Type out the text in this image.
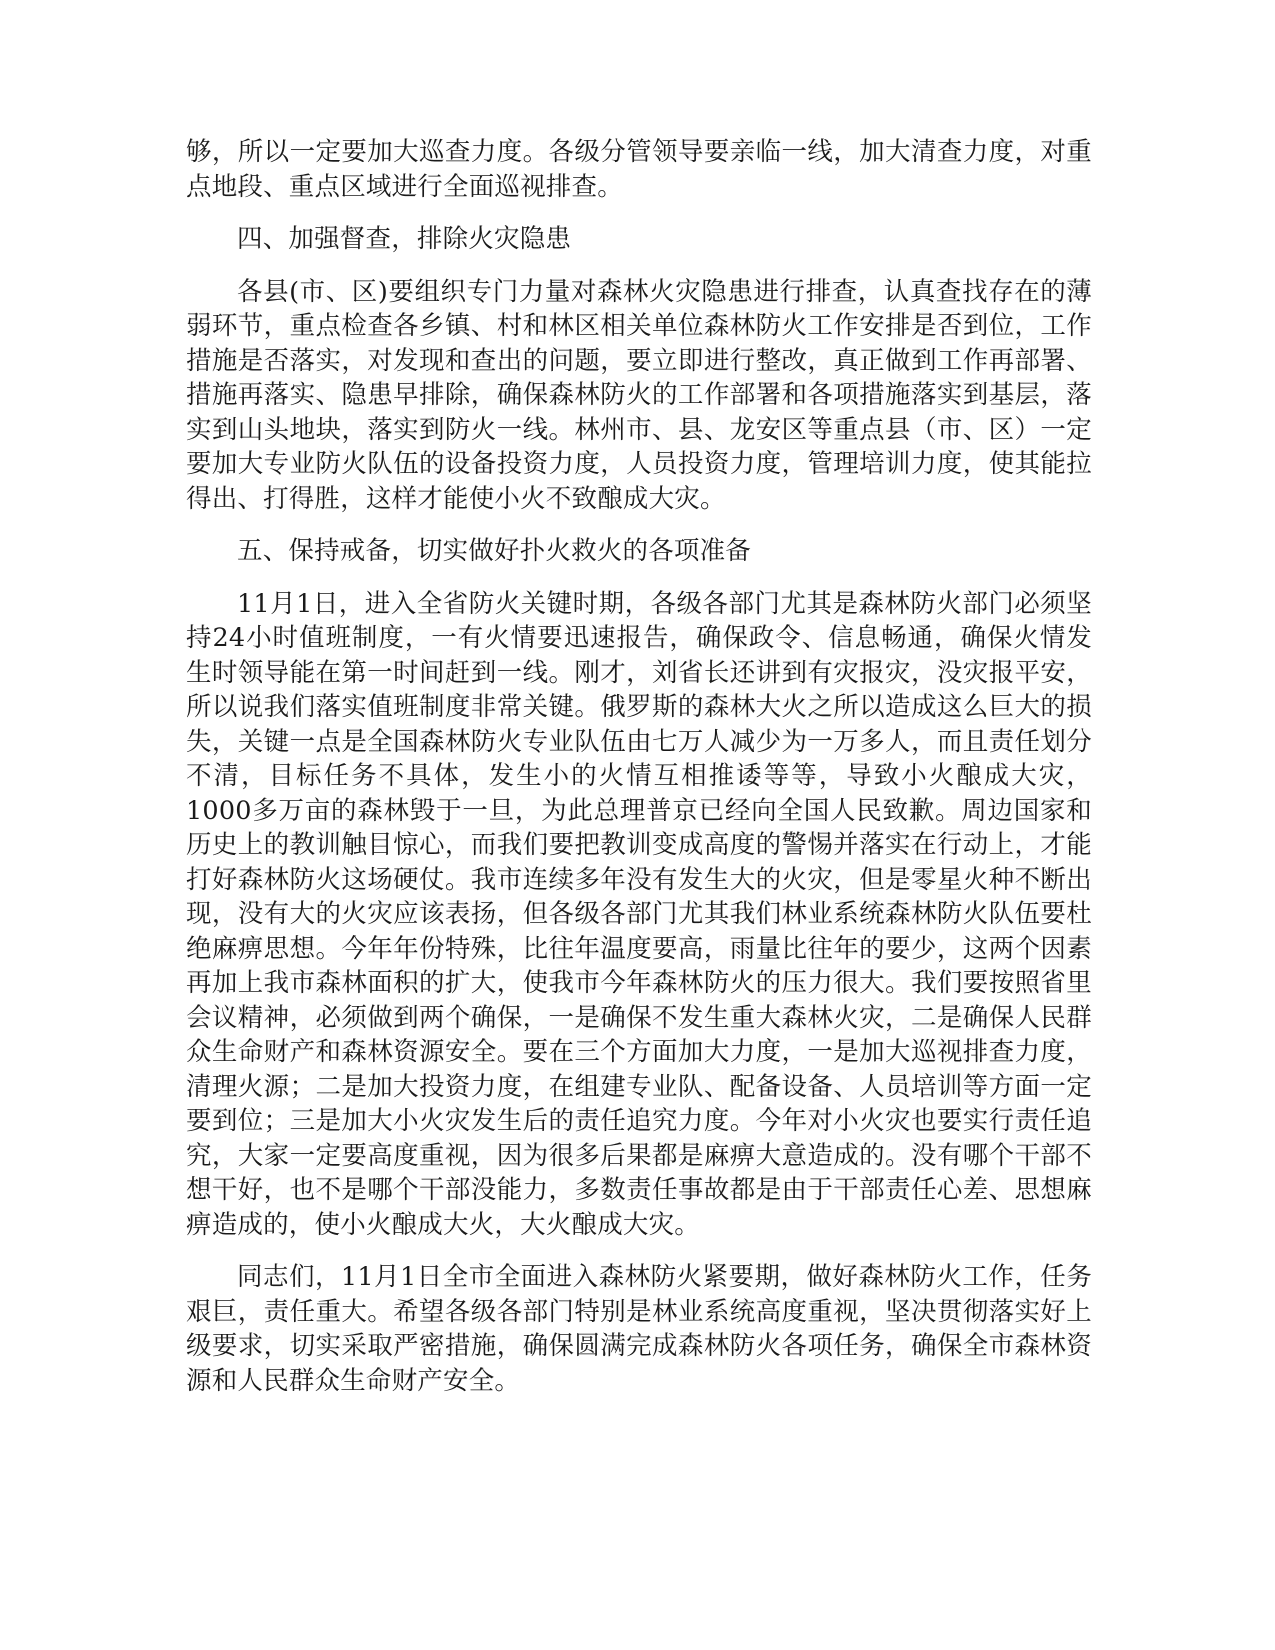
够，所以一定要加大巡查力度。各级分管领导要亲临一线，加大清查力度，对重点地段、重点区域进行全面巡视排查。

四、加强督查，排除火灾隐患

各县(市、区)要组织专门力量对森林火灾隐患进行排查，认真查找存在的薄弱环节，重点检查各乡镇、村和林区相关单位森林防火工作安排是否到位，工作措施是否落实，对发现和查出的问题，要立即进行整改，真正做到工作再部署、措施再落实、隐患早排除，确保森林防火的工作部署和各项措施落实到基层，落实到山头地块，落实到防火一线。林州市、县、龙安区等重点县（市、区）一定要加大专业防火队伍的设备投资力度，人员投资力度，管理培训力度，使其能拉得出、打得胜，这样才能使小火不致酿成大灾。

五、保持戒备，切实做好扑火救火的各项准备

11月1日，进入全省防火关键时期，各级各部门尤其是森林防火部门必须坚持24小时值班制度，一有火情要迅速报告，确保政令、信息畅通，确保火情发生时领导能在第一时间赶到一线。刚才，刘省长还讲到有灾报灾，没灾报平安，所以说我们落实值班制度非常关键。俄罗斯的森林大火之所以造成这么巨大的损失，关键一点是全国森林防火专业队伍由七万人减少为一万多人，而且责任划分不清，目标任务不具体，发生小的火情互相推诿等等，导致小火酿成大灾，1000多万亩的森林毁于一旦，为此总理普京已经向全国人民致歉。周边国家和历史上的教训触目惊心，而我们要把教训变成高度的警惕并落实在行动上，才能打好森林防火这场硬仗。我市连续多年没有发生大的火灾，但是零星火种不断出现，没有大的火灾应该表扬，但各级各部门尤其我们林业系统森林防火队伍要杜绝麻痹思想。今年年份特殊，比往年温度要高，雨量比往年的要少，这两个因素再加上我市森林面积的扩大，使我市今年森林防火的压力很大。我们要按照省里会议精神，必须做到两个确保，一是确保不发生重大森林火灾，二是确保人民群众生命财产和森林资源安全。要在三个方面加大力度，一是加大巡视排查力度，清理火源；二是加大投资力度，在组建专业队、配备设备、人员培训等方面一定要到位；三是加大小火灾发生后的责任追究力度。今年对小火灾也要实行责任追究，大家一定要高度重视，因为很多后果都是麻痹大意造成的。没有哪个干部不想干好，也不是哪个干部没能力，多数责任事故都是由于干部责任心差、思想麻痹造成的，使小火酿成大火，大火酿成大灾。

同志们，11月1日全市全面进入森林防火紧要期，做好森林防火工作，任务艰巨，责任重大。希望各级各部门特别是林业系统高度重视，坚决贯彻落实好上级要求，切实采取严密措施，确保圆满完成森林防火各项任务，确保全市森林资源和人民群众生命财产安全。
